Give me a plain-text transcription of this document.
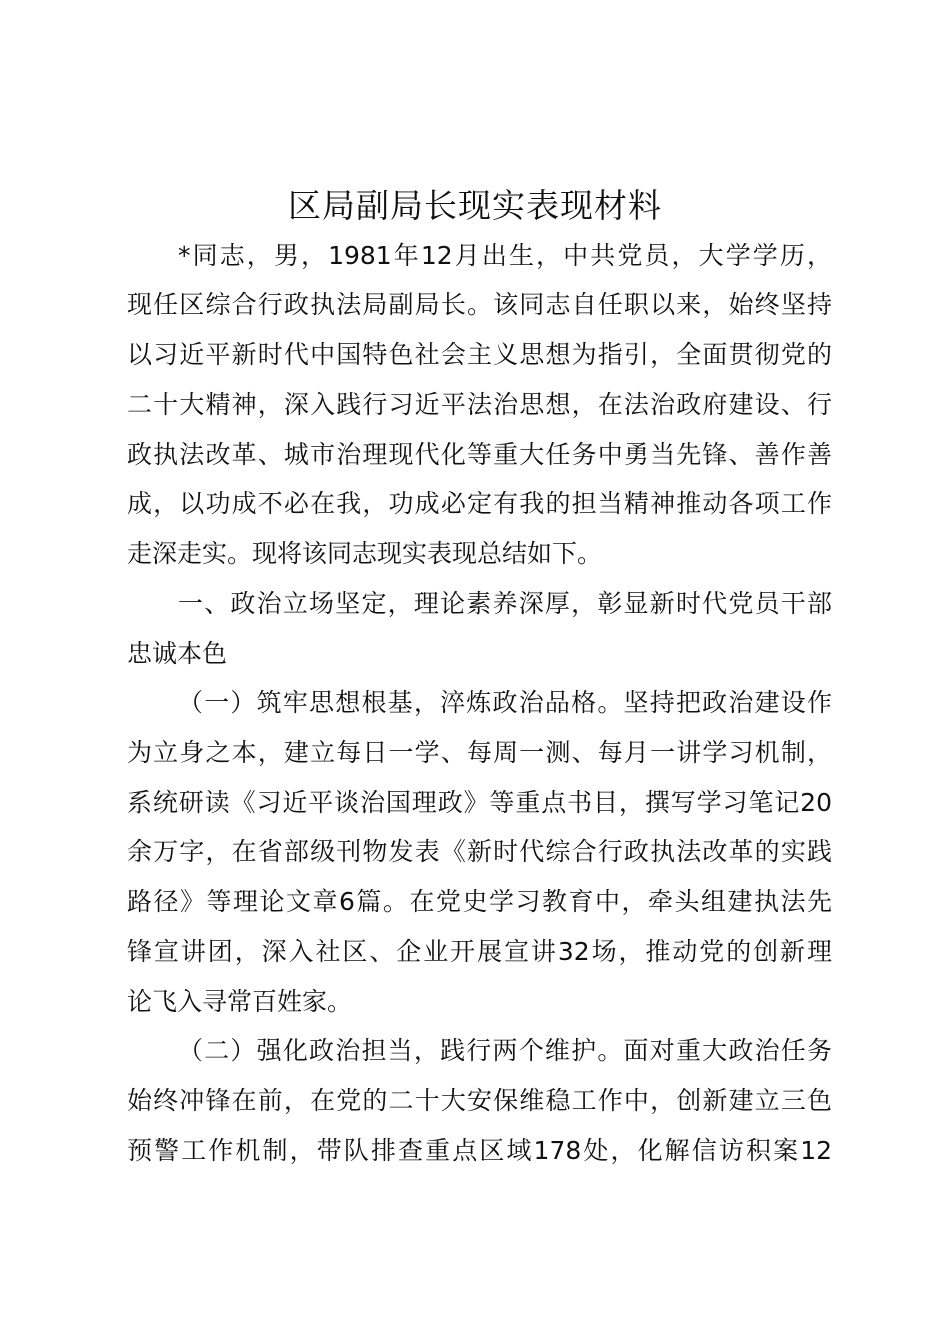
区局副局长现实表现材料
*同志，男，1981年12月出生，中共党员，大学学历，
现任区综合行政执法局副局长。该同志自任职以来，始终坚持
以习近平新时代中国特色社会主义思想为指引，全面贯彻党的
二十大精神，深入践行习近平法治思想，在法治政府建设、行
政执法改革、城市治理现代化等重大任务中勇当先锋、善作善
成，以功成不必在我，功成必定有我的担当精神推动各项工作
走深走实。现将该同志现实表现总结如下。
一、政治立场坚定，理论素养深厚，彰显新时代党员干部
忠诚本色
（一）筑牢思想根基，淬炼政治品格。坚持把政治建设作
为立身之本，建立每日一学、每周一测、每月一讲学习机制，
系统研读《习近平谈治国理政》等重点书目，撰写学习笔记20
余万字，在省部级刊物发表《新时代综合行政执法改革的实践
路径》等理论文章6篇。在党史学习教育中，牵头组建执法先
锋宣讲团，深入社区、企业开展宣讲32场，推动党的创新理
论飞入寻常百姓家。
（二）强化政治担当，践行两个维护。面对重大政治任务
始终冲锋在前，在党的二十大安保维稳工作中，创新建立三色
预警工作机制，带队排查重点区域178处，化解信访积案12
